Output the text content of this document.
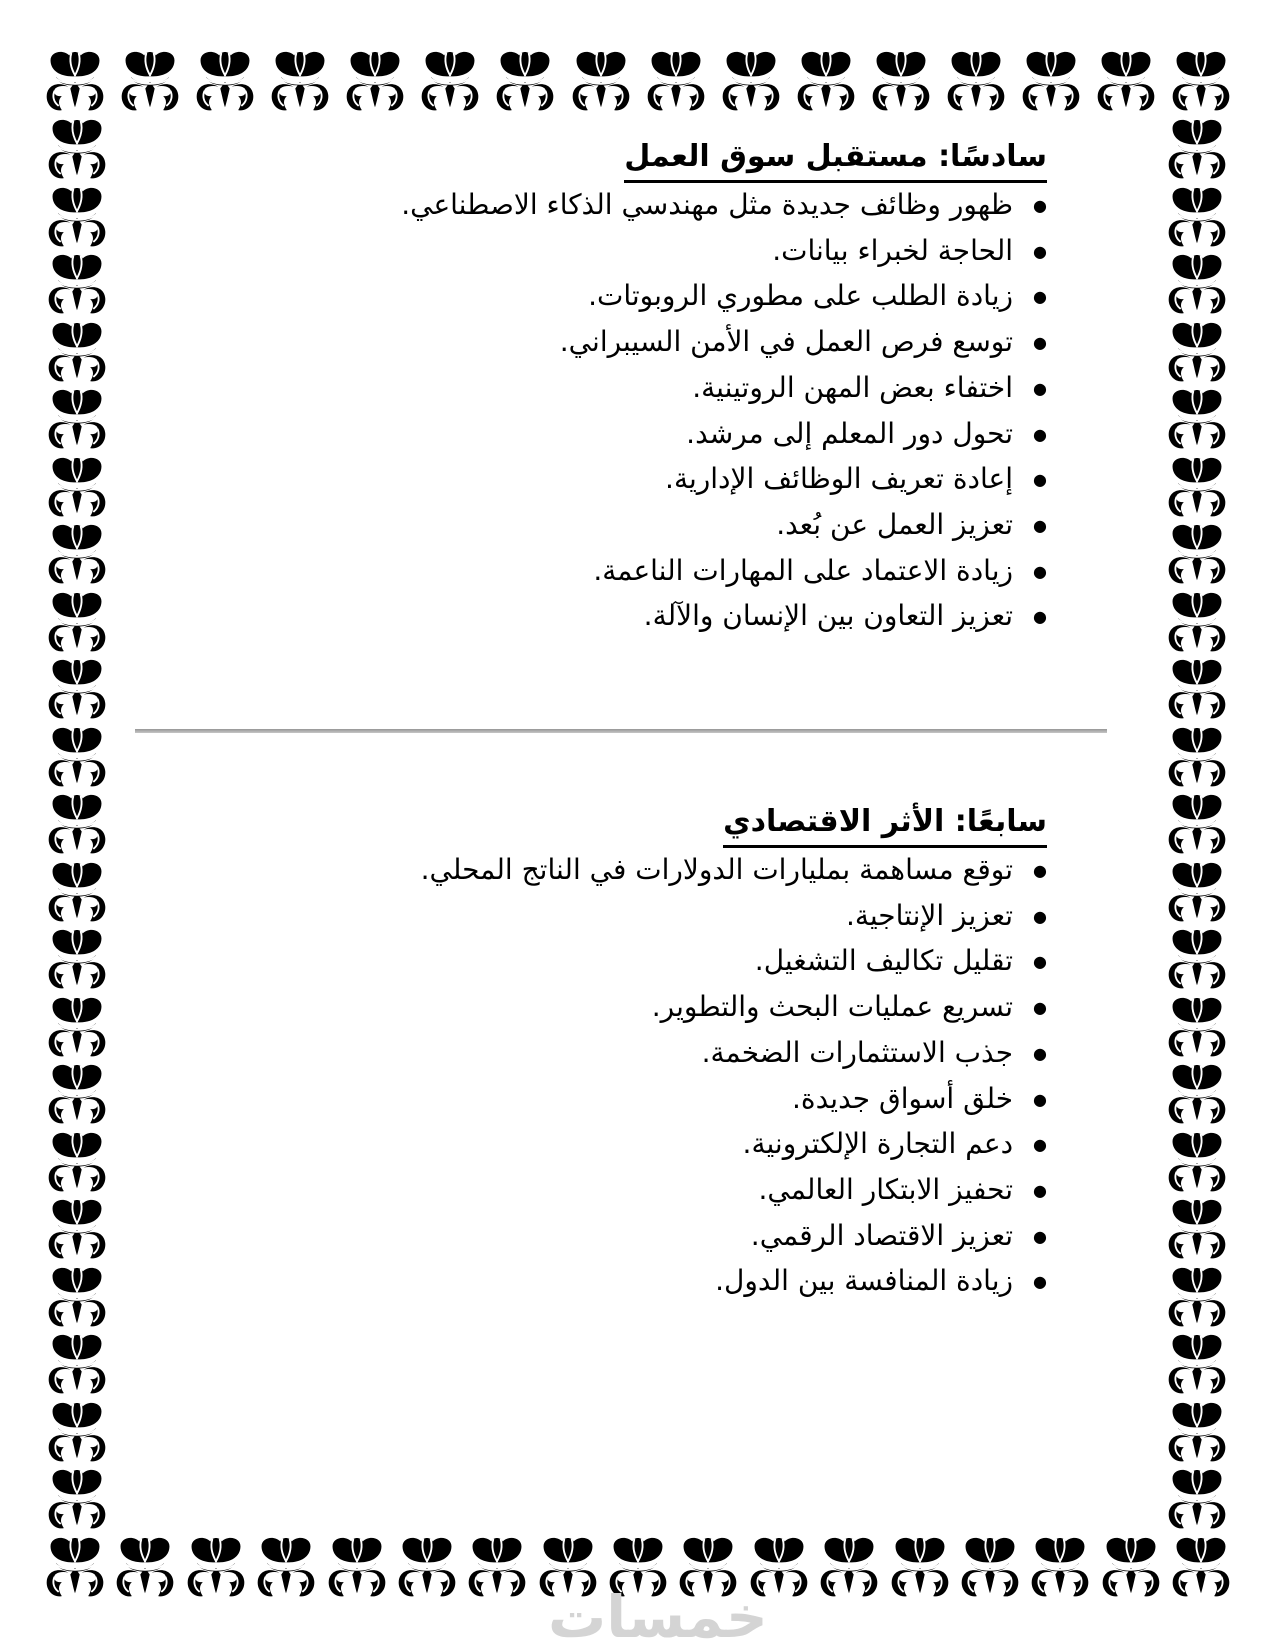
سادسًا: مستقبل سوق العمل
● ظهور وظائف جديدة مثل مهندسي الذكاء الاصطناعي.
● الحاجة لخبراء بيانات.
● زيادة الطلب على مطوري الروبوتات.
● توسع فرص العمل في الأمن السيبراني.
● اختفاء بعض المهن الروتينية.
● تحول دور المعلم إلى مرشد.
● إعادة تعريف الوظائف الإدارية.
● تعزيز العمل عن بُعد.
● زيادة الاعتماد على المهارات الناعمة.
● تعزيز التعاون بين الإنسان والآلة.
سابعًا: الأثر الاقتصادي
● توقع مساهمة بمليارات الدولارات في الناتج المحلي.
● تعزيز الإنتاجية.
● تقليل تكاليف التشغيل.
● تسريع عمليات البحث والتطوير.
● جذب الاستثمارات الضخمة.
● خلق أسواق جديدة.
● دعم التجارة الإلكترونية.
● تحفيز الابتكار العالمي.
● تعزيز الاقتصاد الرقمي.
● زيادة المنافسة بين الدول.
خمسات
